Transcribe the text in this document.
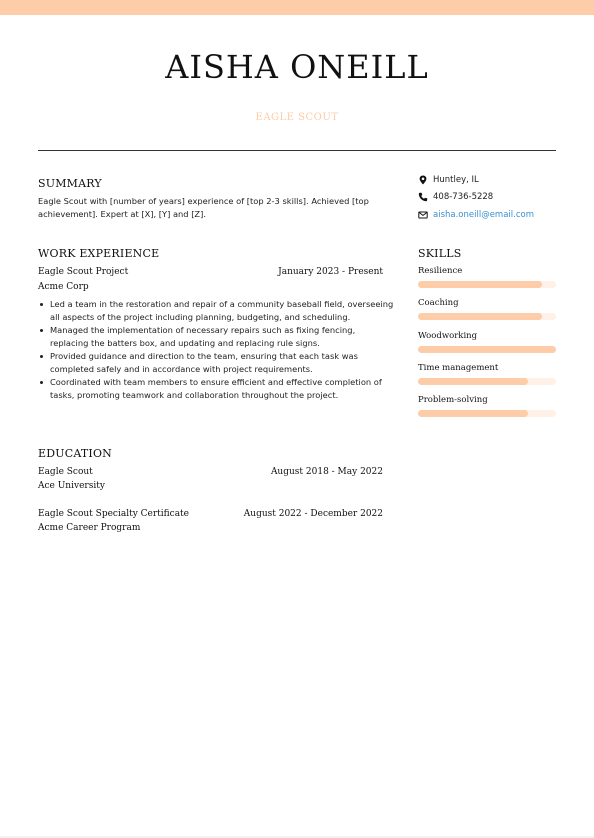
AISHA ONEILL
EAGLE SCOUT
SUMMARY
Eagle Scout with [number of years] experience of [top 2-3 skills]. Achieved [top achievement]. Expert at [X], [Y] and [Z].
WORK EXPERIENCE
Eagle Scout Project	January 2023 - Present
Acme Corp
Led a team in the restoration and repair of a community baseball field, overseeing all aspects of the project including planning, budgeting, and scheduling.
Managed the implementation of necessary repairs such as fixing fencing, replacing the batters box, and updating and replacing rule signs.
Provided guidance and direction to the team, ensuring that each task was completed safely and in accordance with project requirements.
Coordinated with team members to ensure efficient and effective completion of tasks, promoting teamwork and collaboration throughout the project.
EDUCATION
Eagle Scout	August 2018 - May 2022
Ace University
Eagle Scout Specialty Certificate	August 2022 - December 2022
Acme Career Program
Huntley, IL
408-736-5228
aisha.oneill@email.com
SKILLS
Resilience
Coaching
Woodworking
Time management
Problem-solving
